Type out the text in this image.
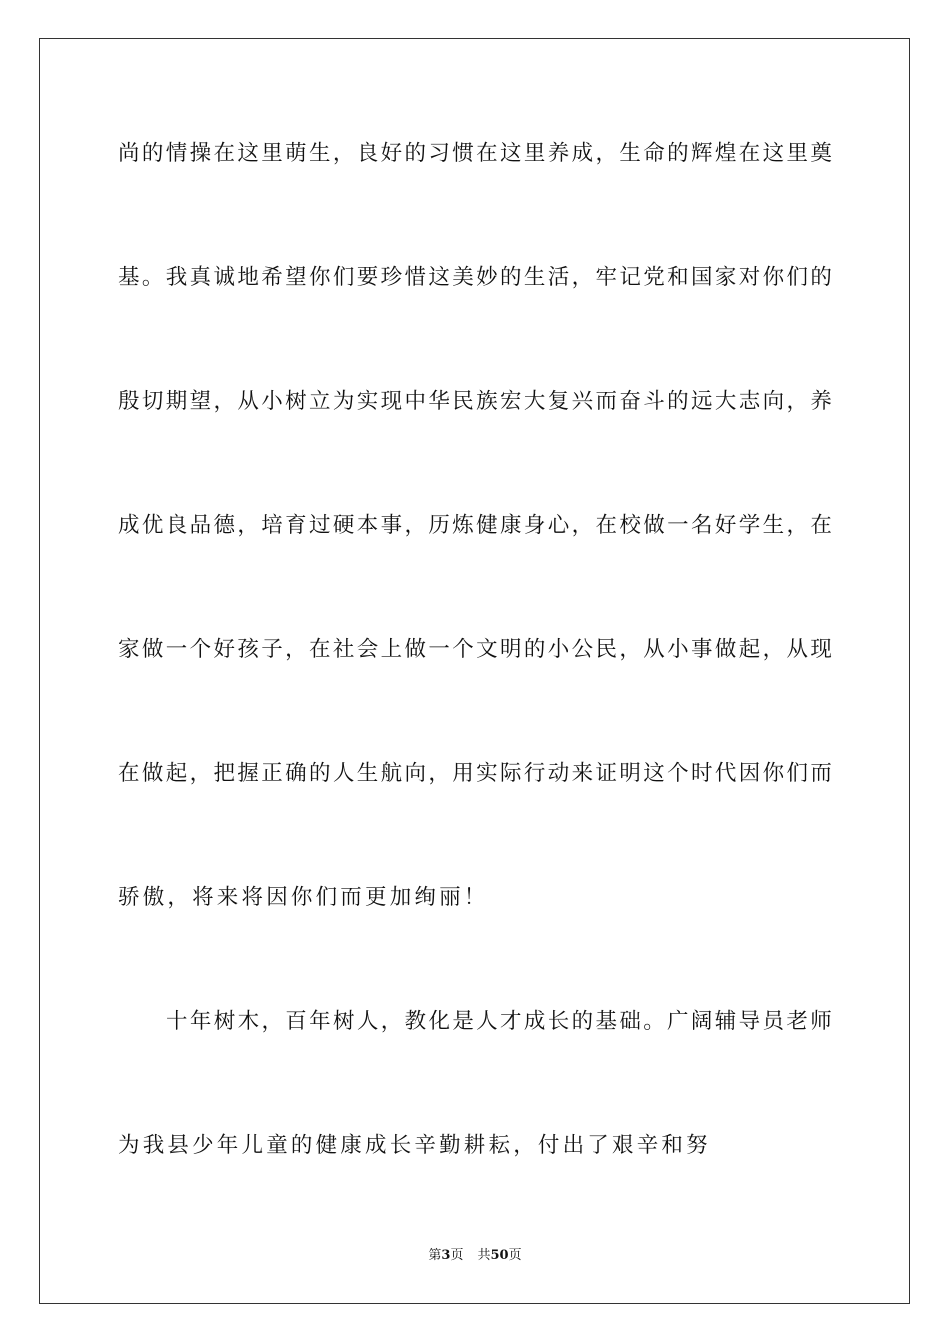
尚 的 情 操 在 这 里 萌 生 ， 良 好 的 习 惯 在 这 里 养 成 ， 生 命 的 辉 煌 在 这 里 奠
基 。 我 真 诚 地 希 望 你 们 要 珍 惜 这 美 妙 的 生 活 ， 牢 记 党 和 国 家 对 你 们 的
殷 切 期 望 ， 从 小 树 立 为 实 现 中 华 民 族 宏 大 复 兴 而 奋 斗 的 远 大 志 向 ， 养
成 优 良 品 德 ， 培 育 过 硬 本 事 ， 历 炼 健 康 身 心 ， 在 校 做 一 名 好 学 生 ， 在
家 做 一 个 好 孩 子 ， 在 社 会 上 做 一 个 文 明 的 小 公 民 ， 从 小 事 做 起 ， 从 现
在 做 起 ， 把 握 正 确 的 人 生 航 向 ， 用 实 际 行 动 来 证 明 这 个 时 代 因 你 们 而
骄傲，将来将因你们而更加绚丽！
十 年 树 木 ， 百 年 树 人 ， 教 化 是 人 才 成 长 的 基 础 。 广 阔 辅 导 员 老 师
为我县少年儿童的健康成长辛勤耕耘，付出了艰辛和努
第3页 共50页
